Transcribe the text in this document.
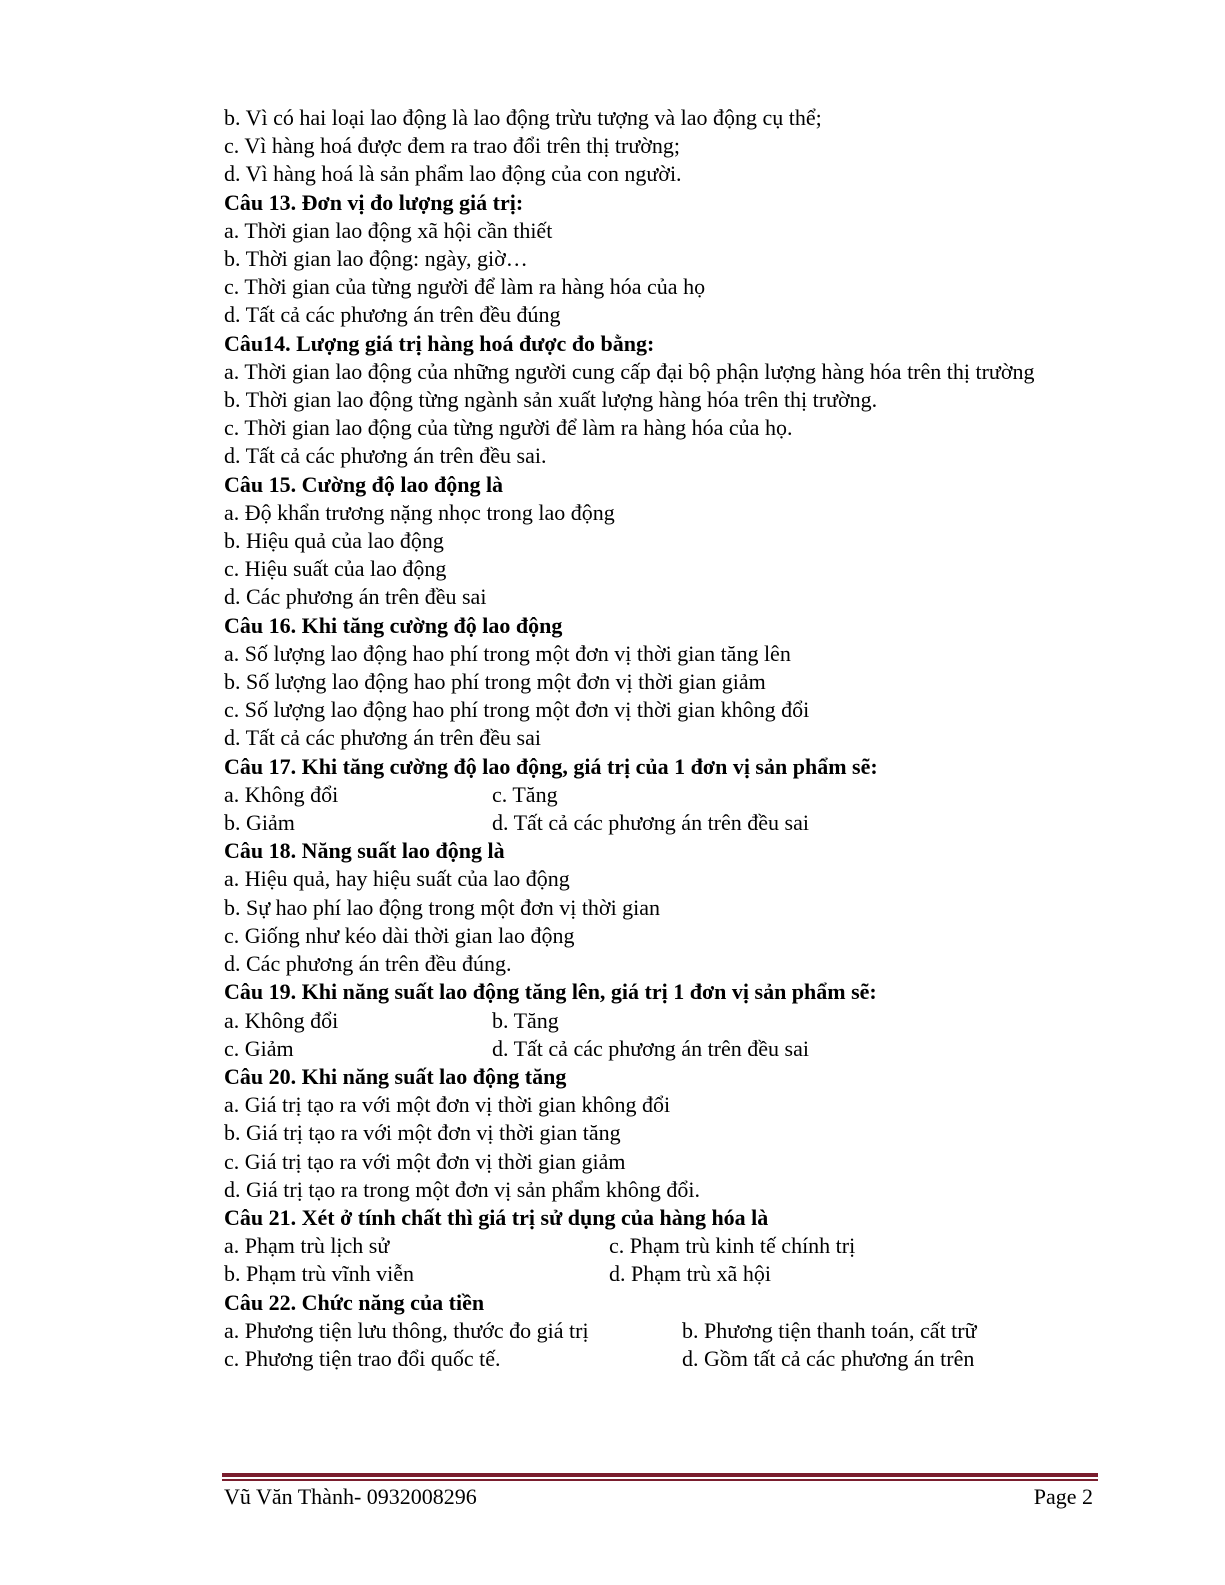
b. Vì có hai loại lao động là lao động trừu tượng và lao động cụ thể;
c. Vì hàng hoá được đem ra trao đổi trên thị trường;
d. Vì hàng hoá là sản phẩm lao động của con người.
Câu 13. Đơn vị đo lượng giá trị:
a. Thời gian lao động xã hội cần thiết
b. Thời gian lao động: ngày, giờ…
c. Thời gian của từng người để làm ra hàng hóa của họ
d. Tất cả các phương án trên đều đúng
Câu14. Lượng giá trị hàng hoá được đo bằng:
a. Thời gian lao động của những người cung cấp đại bộ phận lượng hàng hóa trên thị trường
b. Thời gian lao động từng ngành sản xuất lượng hàng hóa trên thị trường.
c. Thời gian lao động của từng người để làm ra hàng hóa của họ.
d. Tất cả các phương án trên đều sai.
Câu 15. Cường độ lao động là
a. Độ khẩn trương nặng nhọc trong lao động
b. Hiệu quả của lao động
c. Hiệu suất của lao động
d. Các phương án trên đều sai
Câu 16. Khi tăng cường độ lao động
a. Số lượng lao động hao phí trong một đơn vị thời gian tăng lên
b. Số lượng lao động hao phí trong một đơn vị thời gian giảm
c. Số lượng lao động hao phí trong một đơn vị thời gian không đổi
d. Tất cả các phương án trên đều sai
Câu 17. Khi tăng cường độ lao động, giá trị của 1 đơn vị sản phẩm sẽ:
a. Không đổi	c. Tăng
b. Giảm	d. Tất cả các phương án trên đều sai
Câu 18. Năng suất lao động là
a. Hiệu quả, hay hiệu suất của lao động
b. Sự hao phí lao động trong một đơn vị thời gian
c. Giống như kéo dài thời gian lao động
d. Các phương án trên đều đúng.
Câu 19. Khi năng suất lao động tăng lên, giá trị 1 đơn vị sản phẩm sẽ:
a. Không đổi	b. Tăng
c. Giảm	d. Tất cả các phương án trên đều sai
Câu 20. Khi năng suất lao động tăng
a. Giá trị tạo ra với một đơn vị thời gian không đổi
b. Giá trị tạo ra với một đơn vị thời gian tăng
c. Giá trị tạo ra với một đơn vị thời gian giảm
d. Giá trị tạo ra trong một đơn vị sản phẩm không đổi.
Câu 21. Xét ở tính chất thì giá trị sử dụng của hàng hóa là
a. Phạm trù lịch sử	c. Phạm trù kinh tế chính trị
b. Phạm trù vĩnh viễn	d. Phạm trù xã hội
Câu 22. Chức năng của tiền
a. Phương tiện lưu thông, thước đo giá trị	b. Phương tiện thanh toán, cất trữ
c. Phương tiện trao đổi quốc tế.	d. Gồm tất cả các phương án trên
Vũ Văn Thành- 0932008296	Page 2
